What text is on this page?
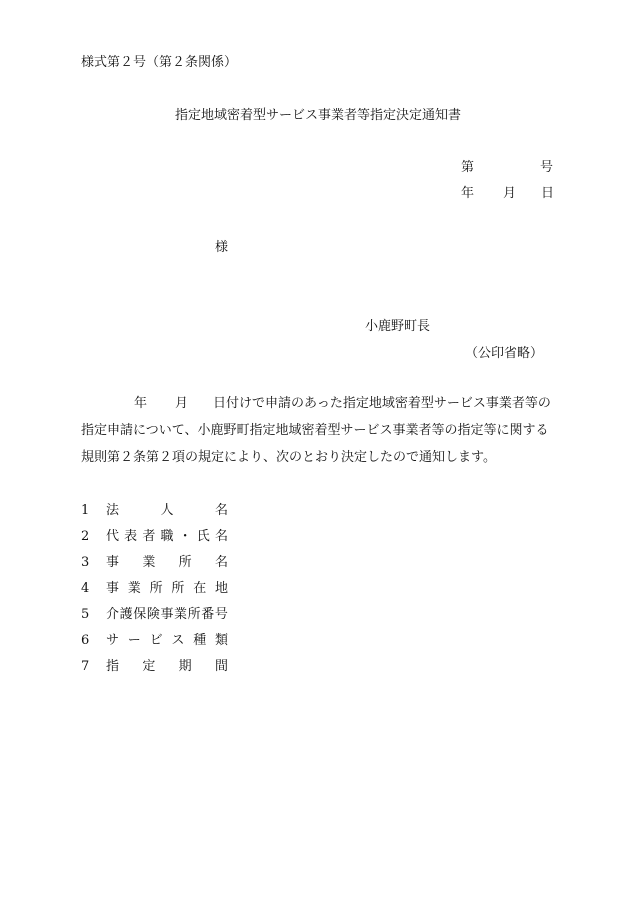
様式第２号（第２条関係）
指定地域密着型サービス事業者等指定決定通知書
第	号
年 月 日
様
小鹿野町長
（公印省略）
年 月 日付けで申請のあった指定地域密着型サービス事業者等の
指定申請について、小鹿野町指定地域密着型サービス事業者等の指定等に関する
規則第２条第２項の規定により、次のとおり決定したので通知します。
1 法	人	名
2 代 表 者 職 ・ 氏 名
3 事 業 所 名
4 事 業 所 所 在 地
5 介 護 保 険 事 業 所 番 号
6 サ ー ビ ス 種 類
7 指 定 期 間
